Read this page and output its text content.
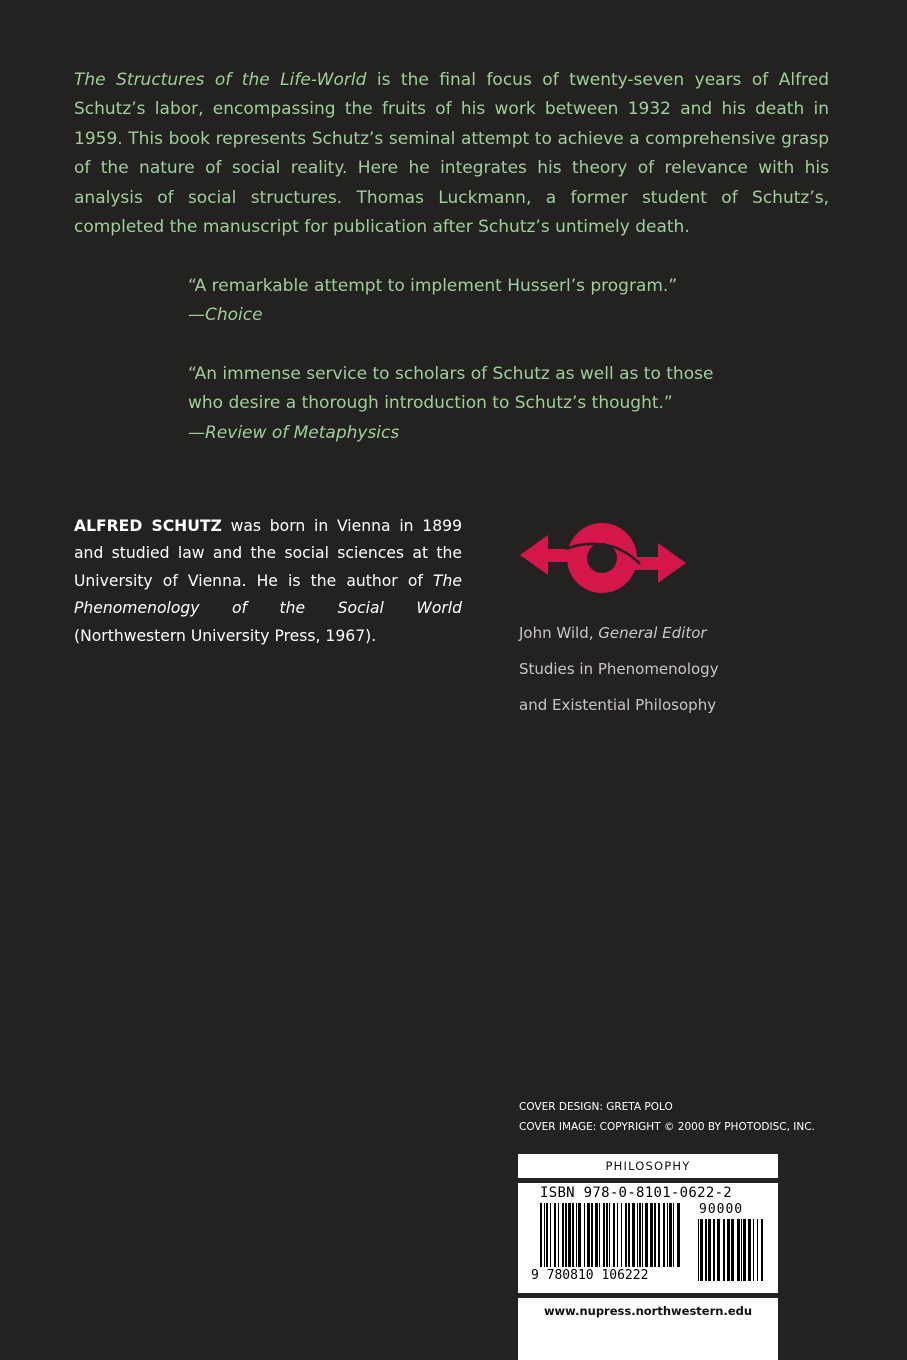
The Structures of the Life-World is the final focus of twenty-seven years of Alfred Schutz’s labor, encompassing the fruits of his work between 1932 and his death in 1959. This book represents Schutz’s seminal attempt to achieve a comprehensive grasp of the nature of social reality. Here he integrates his theory of relevance with his analysis of social structures. Thomas Luckmann, a former student of Schutz’s, completed the manuscript for publication after Schutz’s untimely death.

“A remarkable attempt to implement Husserl’s program.”

—Choice

“An immense service to scholars of Schutz as well as to those who desire a thorough introduction to Schutz’s thought.”

—Review of Metaphysics

ALFRED SCHUTZ was born in Vienna in 1899 and studied law and the social sciences at the University of Vienna. He is the author of The Phenomenology of the Social World (Northwestern University Press, 1967).	John Wild, General Editor
Studies in Phenomenology
and Existential Philosophy
COVER DESIGN: GRETA POLO
COVER IMAGE: COPYRIGHT © 2000 BY PHOTODISC, INC.
PHILOSOPHY
ISBN 978-0-8101-0622-2
90000
9 780810 106222
www.nupress.northwestern.edu
